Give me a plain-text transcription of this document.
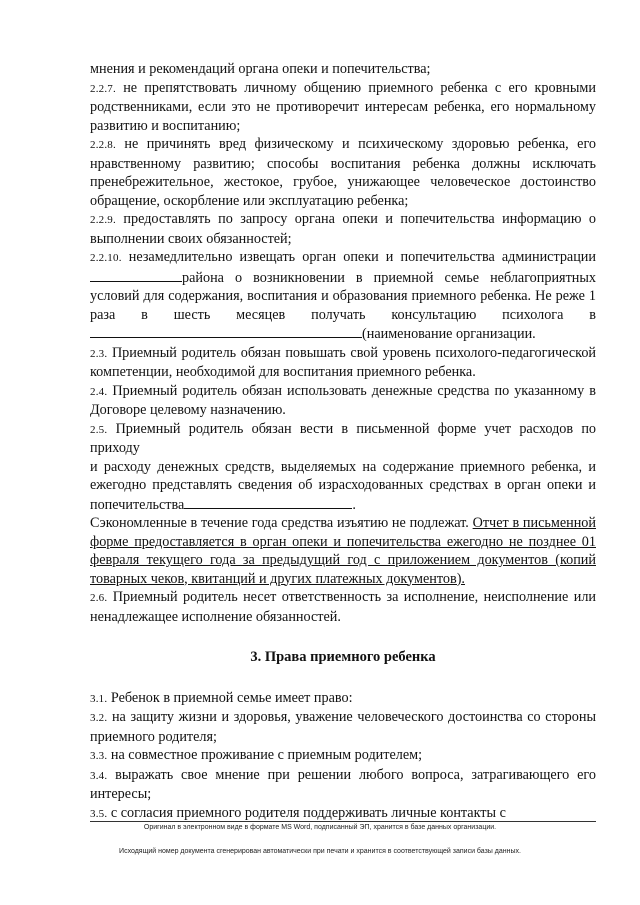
мнения и рекомендаций органа опеки и попечительства;

2.2.7. не препятствовать личному общению приемного ребенка с его кровными родственниками, если это не противоречит интересам ребенка, его нормальному развитию и воспитанию;

2.2.8. не причинять вред физическому и психическому здоровью ребенка, его нравственному развитию; способы воспитания ребенка должны исключать пренебрежительное, жестокое, грубое, унижающее человеческое достоинство обращение, оскорбление или эксплуатацию ребенка;

2.2.9. предоставлять по запросу органа опеки и попечительства информацию о выполнении своих обязанностей;

2.2.10. незамедлительно извещать орган опеки и попечительства администрации района о возникновении в приемной семье неблагоприятных условий для содержания, воспитания и образования приемного ребенка. Не реже 1 раза в шесть месяцев получать консультацию психолога в (наименование организации.

2.3. Приемный родитель обязан повышать свой уровень психолого-педагогической компетенции, необходимой для воспитания приемного ребенка.

2.4. Приемный родитель обязан использовать денежные средства по указанному в Договоре целевому назначению.

2.5. Приемный родитель обязан вести в письменной форме учет расходов по приходу

и расходу денежных средств, выделяемых на содержание приемного ребенка, и ежегодно представлять сведения об израсходованных средствах в орган опеки и попечительства	.

Сэкономленные в течение года средства изъятию не подлежат. Отчет в письменной форме предоставляется в орган опеки и попечительства ежегодно не позднее 01 февраля текущего года за предыдущий год с приложением документов (копий товарных чеков, квитанций и других платежных документов).

2.6. Приемный родитель несет ответственность за исполнение, неисполнение или ненадлежащее исполнение обязанностей.

3. Права приемного ребенка

3.1. Ребенок в приемной семье имеет право:

3.2. на защиту жизни и здоровья, уважение человеческого достоинства со стороны приемного родителя;

3.3. на совместное проживание с приемным родителем;

3.4. выражать свое мнение при решении любого вопроса, затрагивающего его интересы;

3.5. с согласия приемного родителя поддерживать личные контакты с

Оригинал в электронном виде в формате MS Word, подписанный ЭП, хранится в базе данных организации.
Исходящий номер документа сгенерирован автоматически при печати и хранится в соответствующей записи базы данных.
